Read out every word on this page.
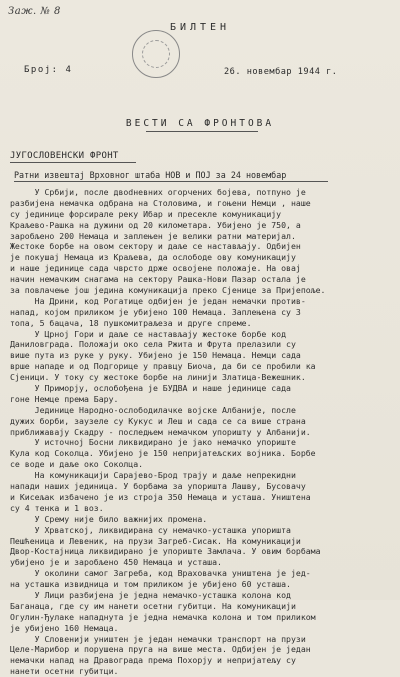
Заж. № 8
БИЛТЕН
Број: 4	26. новембар 1944 г.
ВЕСТИ СА ФРОНТОВА
ЈУГОСЛОВЕНСКИ ФРОНТ
Ратни извештај Врховног штаба НОВ и ПОЈ за 24 новембар
У Србији, после двоdневних огорчених бојева, потпуно је
разбијена немачка одбрана на Столовима, и гоњени Немци , наше
су јединице форсирале реку Ибар и пресекле комуникацију
Краљево-Рашка на дужини од 20 километара. Убијено је 750, а
заробљено 200 Немаца и заплењен је велики ратни материјал.
Жестоке борбе на овом сектору и даље се настављају. Одбијен
је покушај Немаца из Краљева, да ослободе ову комуникацију
и наше јединице сада чврсто држе освојене положаје. На овај
начин немачким снагама на сектору Рашка-Нови Пазар остала је
за повлачење још једина комуникација преко Сјенице за Пријепоље.
На Дрини, код Рогатице одбијен је један немачки против-
напад, којом приликом је убијено 100 Немаца. Заплењена су 3
топа, 5 бацача, 18 пушкомитраљеза и друге спреме.
У Црној Гори и даље се настављају жестоке борбе код
Даниловграда. Положаји око села Ржита и Фрута прелазили су
више пута из руке у руку. Убијено је 150 Немаца. Немци сада
врше нападе и од Подгорице у правцу Биоча, да би се пробили ка
Сјеници. У току су жестоке борбе на линији Златица-Вежешник.
У Приморју, ослобођена је БУДВА и наше јединице сада
гоне Немце према Бару.
Јединице Народно-ослободилачке војске Албаније, после
дужих борби, заузеле су Кукус и Леш и сада се са више страна
приближавају Скадру - последњем немачком упоришту у Албанији.
У источној Босни ликвидирано је јако немачко упориште
Кула код Соколца. Убијено је 150 непријатељских војника. Борбе
се воде и даље око Соколца.
На комуникацији Сарајево-Брод трају и даље непрекидни
напади наших јединица. У борбама за упоришта Лашву, Бусовачу
и Кисељак избачено је из строја 350 Немаца и усташа. Уништена
су 4 тенка и 1 вoз.
У Срему није било важнијих промена.
У Хрватској, ликвидирана су немачко-усташка упоришта
Пешћеница и Левеник, на прузи Загреб-Сисак. На комуникацији
Двор-Костајница ликвидирано је упориште Замлача. У овим борбама
убијено је и заробљено 450 Немаца и усташа.
У околини самог Загреба, код Враховачка уништена је јед-
на усташка извидница и том приликом је убијено 60 усташа.
У Лици разбијена је једна немачко-усташка колона код
Баганаца, где су им нанети осетни губитци. На комуникацији
Огулин-Ђулаке нападнута је једна немачка колона и том приликом
је убијено 160 Немаца.
У Словенији уништен је један немачки транспорт на прузи
Целе-Марибор и порушена пруга на више места. Одбијен је један
немачки напад на Дравоградa према Похорју и непријатељу су
нанети осетни губитци.
